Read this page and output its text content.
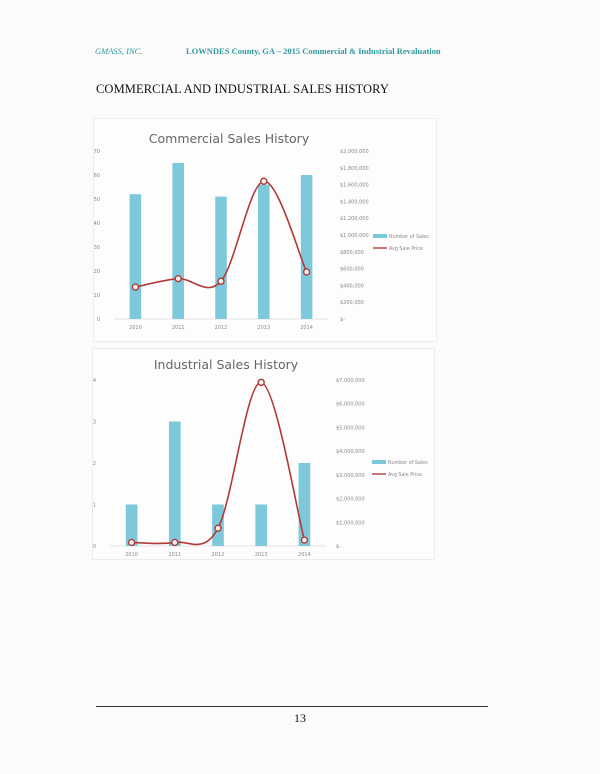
GMASS, INC.	LOWNDES County, GA – 2015 Commercial & Industrial Revaluation
COMMERCIAL AND INDUSTRIAL SALES HISTORY
Commercial Sales History
0
10
20
30
40
50
60
70
$-
$200,000
$400,000
$600,000
$800,000
$1,000,000
$1,200,000
$1,400,000
$1,600,000
$1,800,000
$2,000,000
2010	2011	2012	2013	2014
Number of Sales
Avg Sale Price
Industrial Sales History
0
1
2
3
4
$-
$1,000,000
$2,000,000
$3,000,000
$4,000,000
$5,000,000
$6,000,000
$7,000,000
2010	2011	2012	2013	2014
Number of Sales
Avg Sale Price
13
